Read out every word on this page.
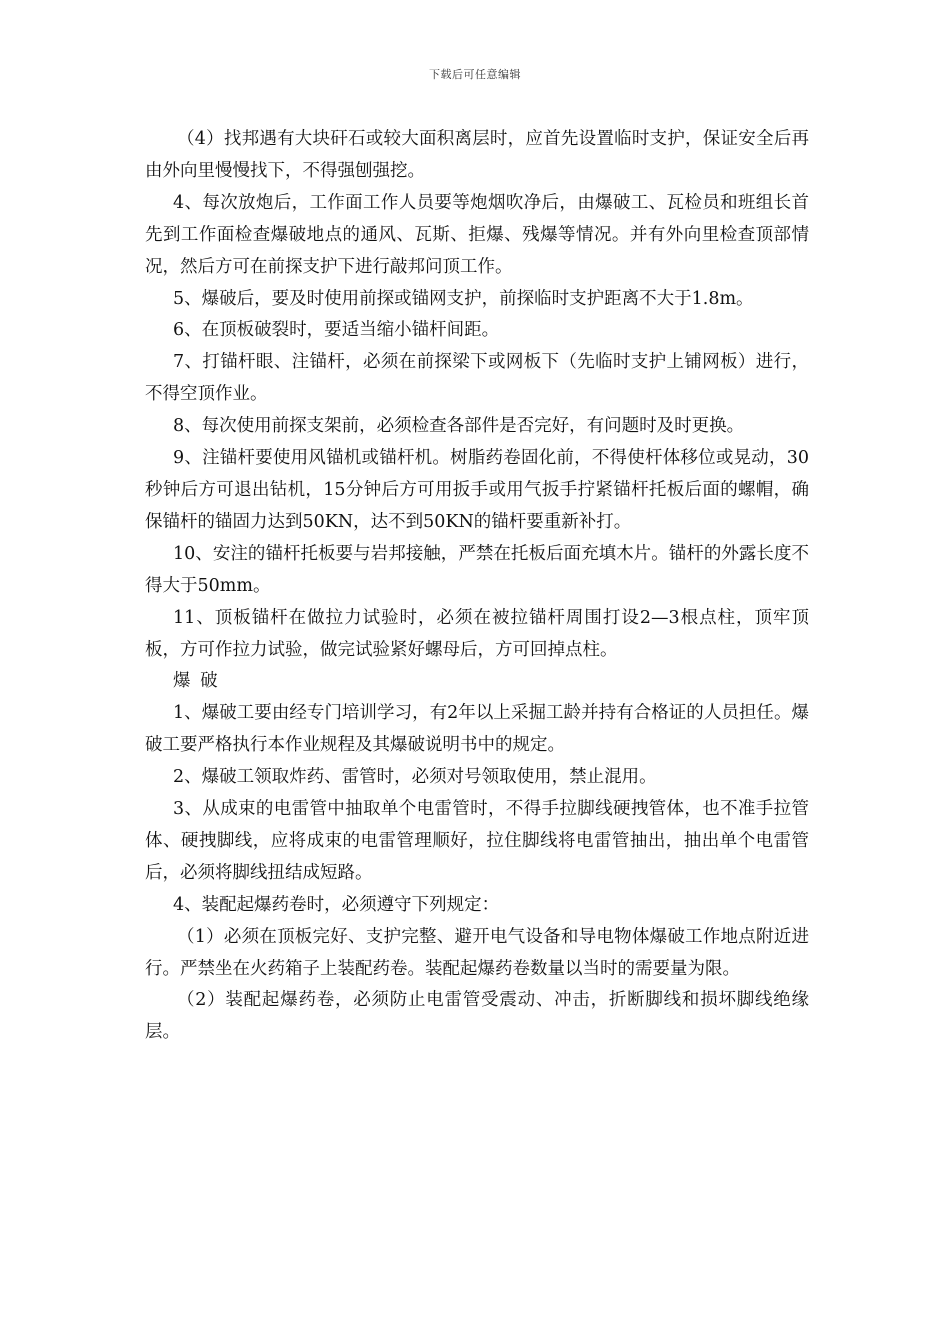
下载后可任意编辑

（4）找邦遇有大块矸石或较大面积离层时，应首先设置临时支护，保证安全后再由外向里慢慢找下，不得强刨强挖。

4、每次放炮后，工作面工作人员要等炮烟吹净后，由爆破工、瓦检员和班组长首先到工作面检查爆破地点的通风、瓦斯、拒爆、残爆等情况。并有外向里检查顶部情况，然后方可在前探支护下进行敲邦问顶工作。

5、爆破后，要及时使用前探或锚网支护，前探临时支护距离不大于1.8m。

6、在顶板破裂时，要适当缩小锚杆间距。

7、打锚杆眼、注锚杆，必须在前探梁下或网板下（先临时支护上铺网板）进行，不得空顶作业。

8、每次使用前探支架前，必须检查各部件是否完好，有问题时及时更换。

9、注锚杆要使用风锚机或锚杆机。树脂药卷固化前，不得使杆体移位或晃动，30秒钟后方可退出钻机，15分钟后方可用扳手或用气扳手拧紧锚杆托板后面的螺帽，确保锚杆的锚固力达到50KN，达不到50KN的锚杆要重新补打。

10、安注的锚杆托板要与岩邦接触，严禁在托板后面充填木片。锚杆的外露长度不得大于50mm。

11、顶板锚杆在做拉力试验时，必须在被拉锚杆周围打设2—3根点柱，顶牢顶板，方可作拉力试验，做完试验紧好螺母后，方可回掉点柱。

爆 破

1、爆破工要由经专门培训学习，有2年以上采掘工龄并持有合格证的人员担任。爆破工要严格执行本作业规程及其爆破说明书中的规定。

2、爆破工领取炸药、雷管时，必须对号领取使用，禁止混用。

3、从成束的电雷管中抽取单个电雷管时，不得手拉脚线硬拽管体，也不准手拉管体、硬拽脚线，应将成束的电雷管理顺好，拉住脚线将电雷管抽出，抽出单个电雷管后，必须将脚线扭结成短路。

4、装配起爆药卷时，必须遵守下列规定：

（1）必须在顶板完好、支护完整、避开电气设备和导电物体爆破工作地点附近进行。严禁坐在火药箱子上装配药卷。装配起爆药卷数量以当时的需要量为限。

（2）装配起爆药卷，必须防止电雷管受震动、冲击，折断脚线和损坏脚线绝缘层。
